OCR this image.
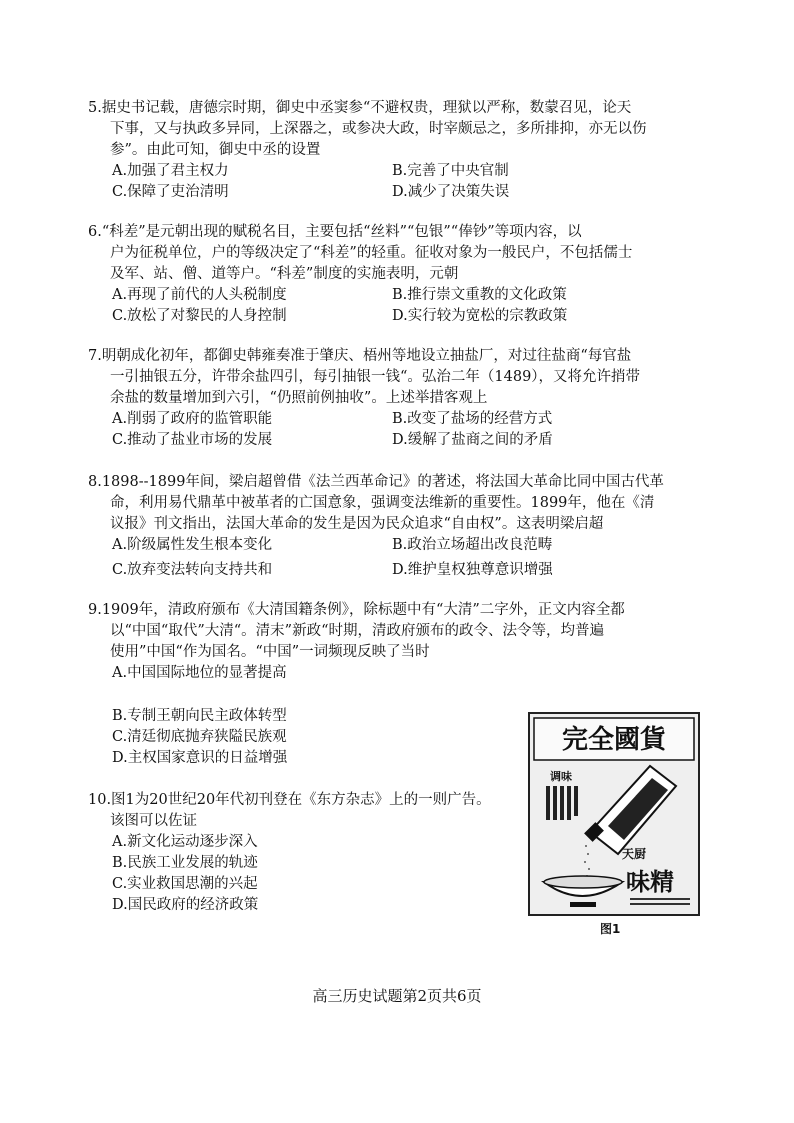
5.据史书记载，唐德宗时期，御史中丞窦参“不避权贵，理狱以严称，数蒙召见，论天
下事，又与执政多异同，上深器之，或参决大政，时宰颇忌之，多所排抑，亦无以伤
参”。由此可知，御史中丞的设置
A.加强了君主权力	B.完善了中央官制
C.保障了吏治清明	D.减少了决策失误
6.“科差”是元朝出现的赋税名目，主要包括“丝料”“包银”“俸钞”等项内容，以
户为征税单位，户的等级决定了“科差”的轻重。征收对象为一般民户，不包括儒士
及军、站、僧、道等户。“科差”制度的实施表明，元朝
A.再现了前代的人头税制度	B.推行崇文重教的文化政策
C.放松了对黎民的人身控制	D.实行较为宽松的宗教政策
7.明朝成化初年，都御史韩雍奏准于肇庆、梧州等地设立抽盐厂，对过往盐商“每官盐
一引抽银五分，许带余盐四引，每引抽银一钱“。弘治二年（1489），又将允许捎带
余盐的数量增加到六引，“仍照前例抽收”。上述举措客观上
A.削弱了政府的监管职能	B.改变了盐场的经营方式
C.推动了盐业市场的发展	D.缓解了盐商之间的矛盾
8.1898--1899年间，梁启超曾借《法兰西革命记》的著述，将法国大革命比同中国古代革
命，利用易代鼎革中被革者的亡国意象，强调变法维新的重要性。1899年，他在《清
议报》刊文指出，法国大革命的发生是因为民众追求“自由权”。这表明梁启超
A.阶级属性发生根本变化	B.政治立场超出改良范畴
C.放弃变法转向支持共和	D.维护皇权独尊意识增强
9.1909年，清政府颁布《大清国籍条例》，除标题中有“大清”二字外，正文内容全都
以“中国“取代”大清“。清末”新政“时期，清政府颁布的政令、法令等，均普遍
使用”中国“作为国名。“中国”一词频现反映了当时
A.中国国际地位的显著提高
B.专制王朝向民主政体转型
C.清廷彻底抛弃狭隘民族观
D.主权国家意识的日益增强
10.图1为20世纪20年代初刊登在《东方杂志》上的一则广告。
该图可以佐证
A.新文化运动逐步深入
B.民族工业发展的轨迹
C.实业救国思潮的兴起
D.国民政府的经济政策
完全國貨
调味
天厨
味精
图1
高三历史试题第2页共6页
